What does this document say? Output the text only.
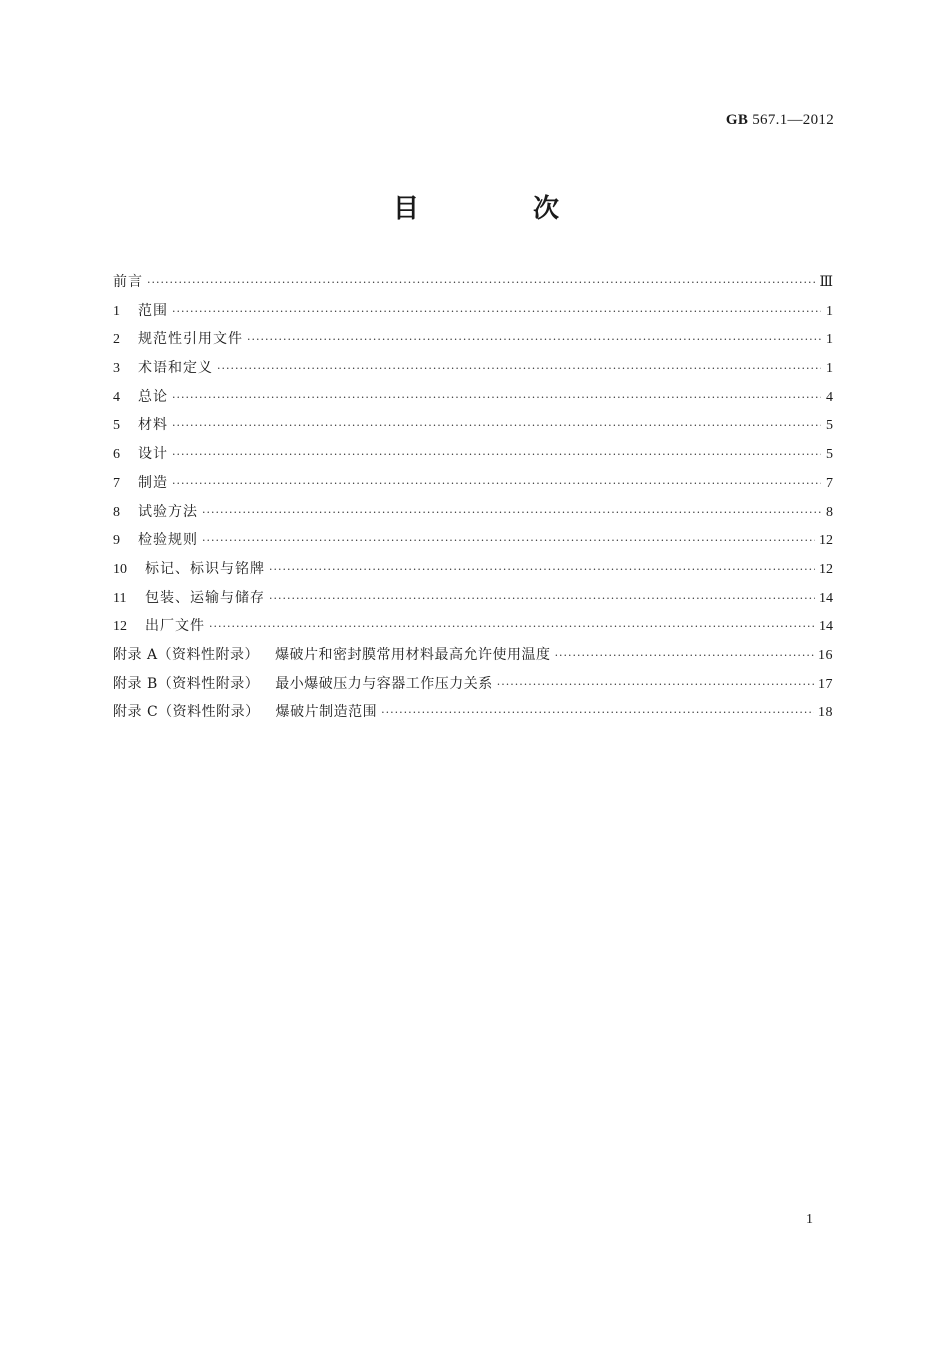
GB 567.1—2012
目　次
前言 ·····	Ⅲ
1	范围 ·····	1
2	规范性引用文件 ·····	1
3	术语和定义 ·····	1
4	总论 ·····	4
5	材料 ·····	5
6	设计 ·····	5
7	制造 ·····	7
8	试验方法 ·····	8
9	检验规则 ·····	12
10	标记、标识与铭牌 ·····	12
11	包装、运输与储存 ·····	14
12	出厂文件 ·····	14
附录 A（资料性附录） 爆破片和密封膜常用材料最高允许使用温度 ·····	16
附录 B（资料性附录） 最小爆破压力与容器工作压力关系 ·····	17
附录 C（资料性附录） 爆破片制造范围 ·····	18
1
